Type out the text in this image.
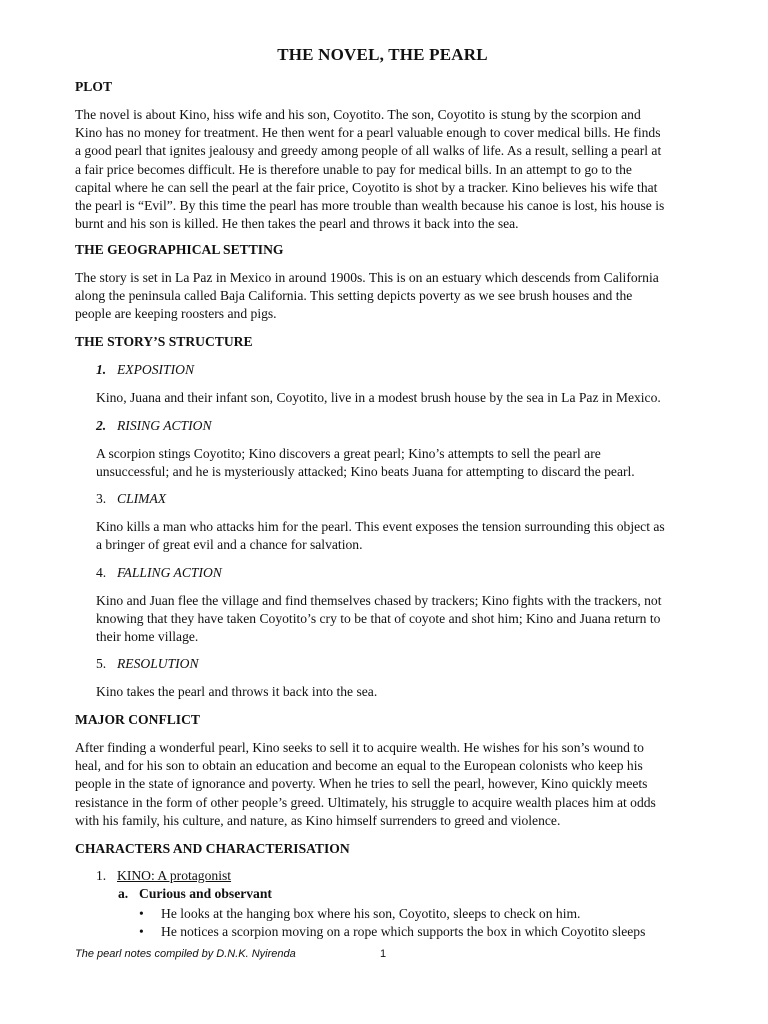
THE NOVEL, THE PEARL
PLOT
The novel is about Kino, hiss wife and his son, Coyotito. The son, Coyotito is stung by the scorpion and
Kino has no money for treatment. He then went for a pearl valuable enough to cover medical bills. He finds
a good pearl that ignites jealousy and greedy among people of all walks of life. As a result, selling a pearl at
a fair price becomes difficult. He is therefore unable to pay for medical bills. In an attempt to go to the
capital where he can sell the pearl at the fair price, Coyotito is shot by a tracker. Kino believes his wife that
the pearl is “Evil”. By this time the pearl has more trouble than wealth because his canoe is lost, his house is
burnt and his son is killed. He then takes the pearl and throws it back into the sea.
THE GEOGRAPHICAL SETTING
The story is set in La Paz in Mexico in around 1900s. This is on an estuary which descends from California
along the peninsula called Baja California. This setting depicts poverty as we see brush houses and the
people are keeping roosters and pigs.
THE STORY’S STRUCTURE
1. EXPOSITION
Kino, Juana and their infant son, Coyotito, live in a modest brush house by the sea in La Paz in Mexico.
2. RISING ACTION
A scorpion stings Coyotito; Kino discovers a great pearl; Kino’s attempts to sell the pearl are
unsuccessful; and he is mysteriously attacked; Kino beats Juana for attempting to discard the pearl.
3. CLIMAX
Kino kills a man who attacks him for the pearl. This event exposes the tension surrounding this object as
a bringer of great evil and a chance for salvation.
4. FALLING ACTION
Kino and Juan flee the village and find themselves chased by trackers; Kino fights with the trackers, not
knowing that they have taken Coyotito’s cry to be that of coyote and shot him; Kino and Juana return to
their home village.
5. RESOLUTION
Kino takes the pearl and throws it back into the sea.
MAJOR CONFLICT
After finding a wonderful pearl, Kino seeks to sell it to acquire wealth. He wishes for his son’s wound to
heal, and for his son to obtain an education and become an equal to the European colonists who keep his
people in the state of ignorance and poverty. When he tries to sell the pearl, however, Kino quickly meets
resistance in the form of other people’s greed. Ultimately, his struggle to acquire wealth places him at odds
with his family, his culture, and nature, as Kino himself surrenders to greed and violence.
CHARACTERS AND CHARACTERISATION
1. KINO: A protagonist
a. Curious and observant
• He looks at the hanging box where his son, Coyotito, sleeps to check on him.
• He notices a scorpion moving on a rope which supports the box in which Coyotito sleeps
The pearl notes compiled by D.N.K. Nyirenda	1
